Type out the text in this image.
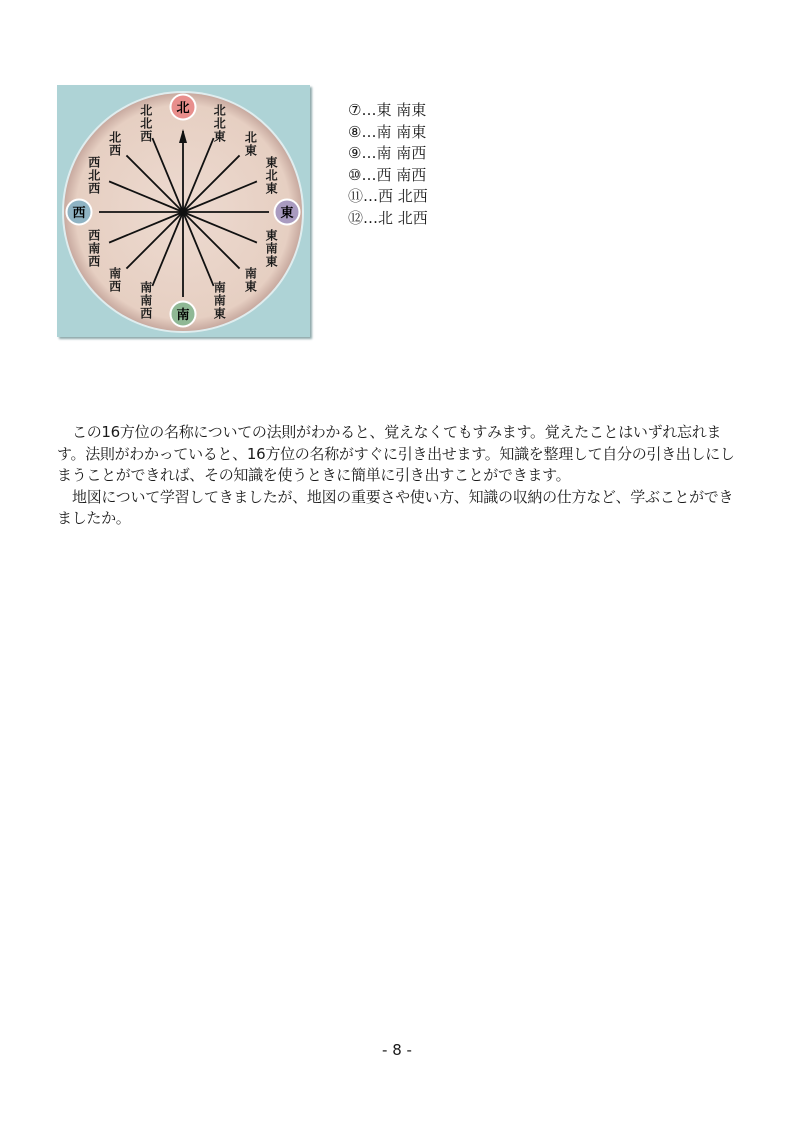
北北東 北東
東北東
東南東
南東
南南東
南南西
南西
西南西
西北西
北西
北北西
北
東
南
西
⑦…東 南東
⑧…南 南東
⑨…南 南西
⑩…西 南西
⑪…西 北西
⑫…北 北西

この16方位の名称についての法則がわかると、覚えなくてもすみます。覚えたことはいずれ忘れます。法則がわかっていると、16方位の名称がすぐに引き出せます。知識を整理して自分の引き出しにしまうことができれば、その知識を使うときに簡単に引き出すことができます。

地図について学習してきましたが、地図の重要さや使い方、知識の収納の仕方など、学ぶことができましたか。

- 8 -
